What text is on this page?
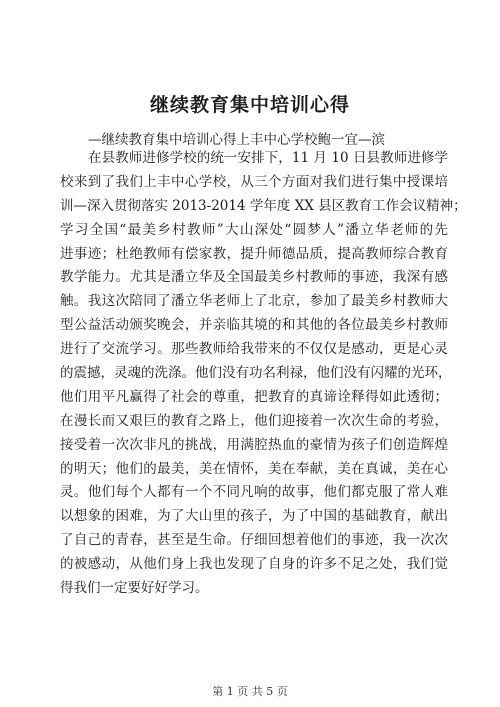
继续教育集中培训心得

—继续教育集中培训心得上丰中心学校鲍一宜—滨

在县教师进修学校的统一安排下，11 月 10 日县教师进修学
校来到了我们上丰中心学校，从三个方面对我们进行集中授课培
训—深入贯彻落实 2013-2014 学年度 XX 县区教育工作会议精神；
学习全国“最美乡村教师”大山深处“圆梦人”潘立华老师的先
进事迹；杜绝教师有偿家教，提升师德品质，提高教师综合教育
教学能力。尤其是潘立华及全国最美乡村教师的事迹，我深有感
触。我这次陪同了潘立华老师上了北京，参加了最美乡村教师大
型公益活动颁奖晚会，并亲临其境的和其他的各位最美乡村教师
进行了交流学习。那些教师给我带来的不仅仅是感动，更是心灵
的震撼，灵魂的洗涤。他们没有功名利禄，他们没有闪耀的光环，
他们用平凡赢得了社会的尊重，把教育的真谛诠释得如此透彻；
在漫长而又艰巨的教育之路上，他们迎接着一次次生命的考验，
接受着一次次非凡的挑战，用满腔热血的豪情为孩子们创造辉煌
的明天；他们的最美，美在情怀，美在奉献，美在真诚，美在心
灵。他们每个人都有一个不同凡响的故事，他们都克服了常人难
以想象的困难，为了大山里的孩子，为了中国的基础教育，献出
了自己的青春，甚至是生命。仔细回想着他们的事迹，我一次次
的被感动，从他们身上我也发现了自身的许多不足之处，我们觉
得我们一定要好好学习。

第 1 页 共 5 页
